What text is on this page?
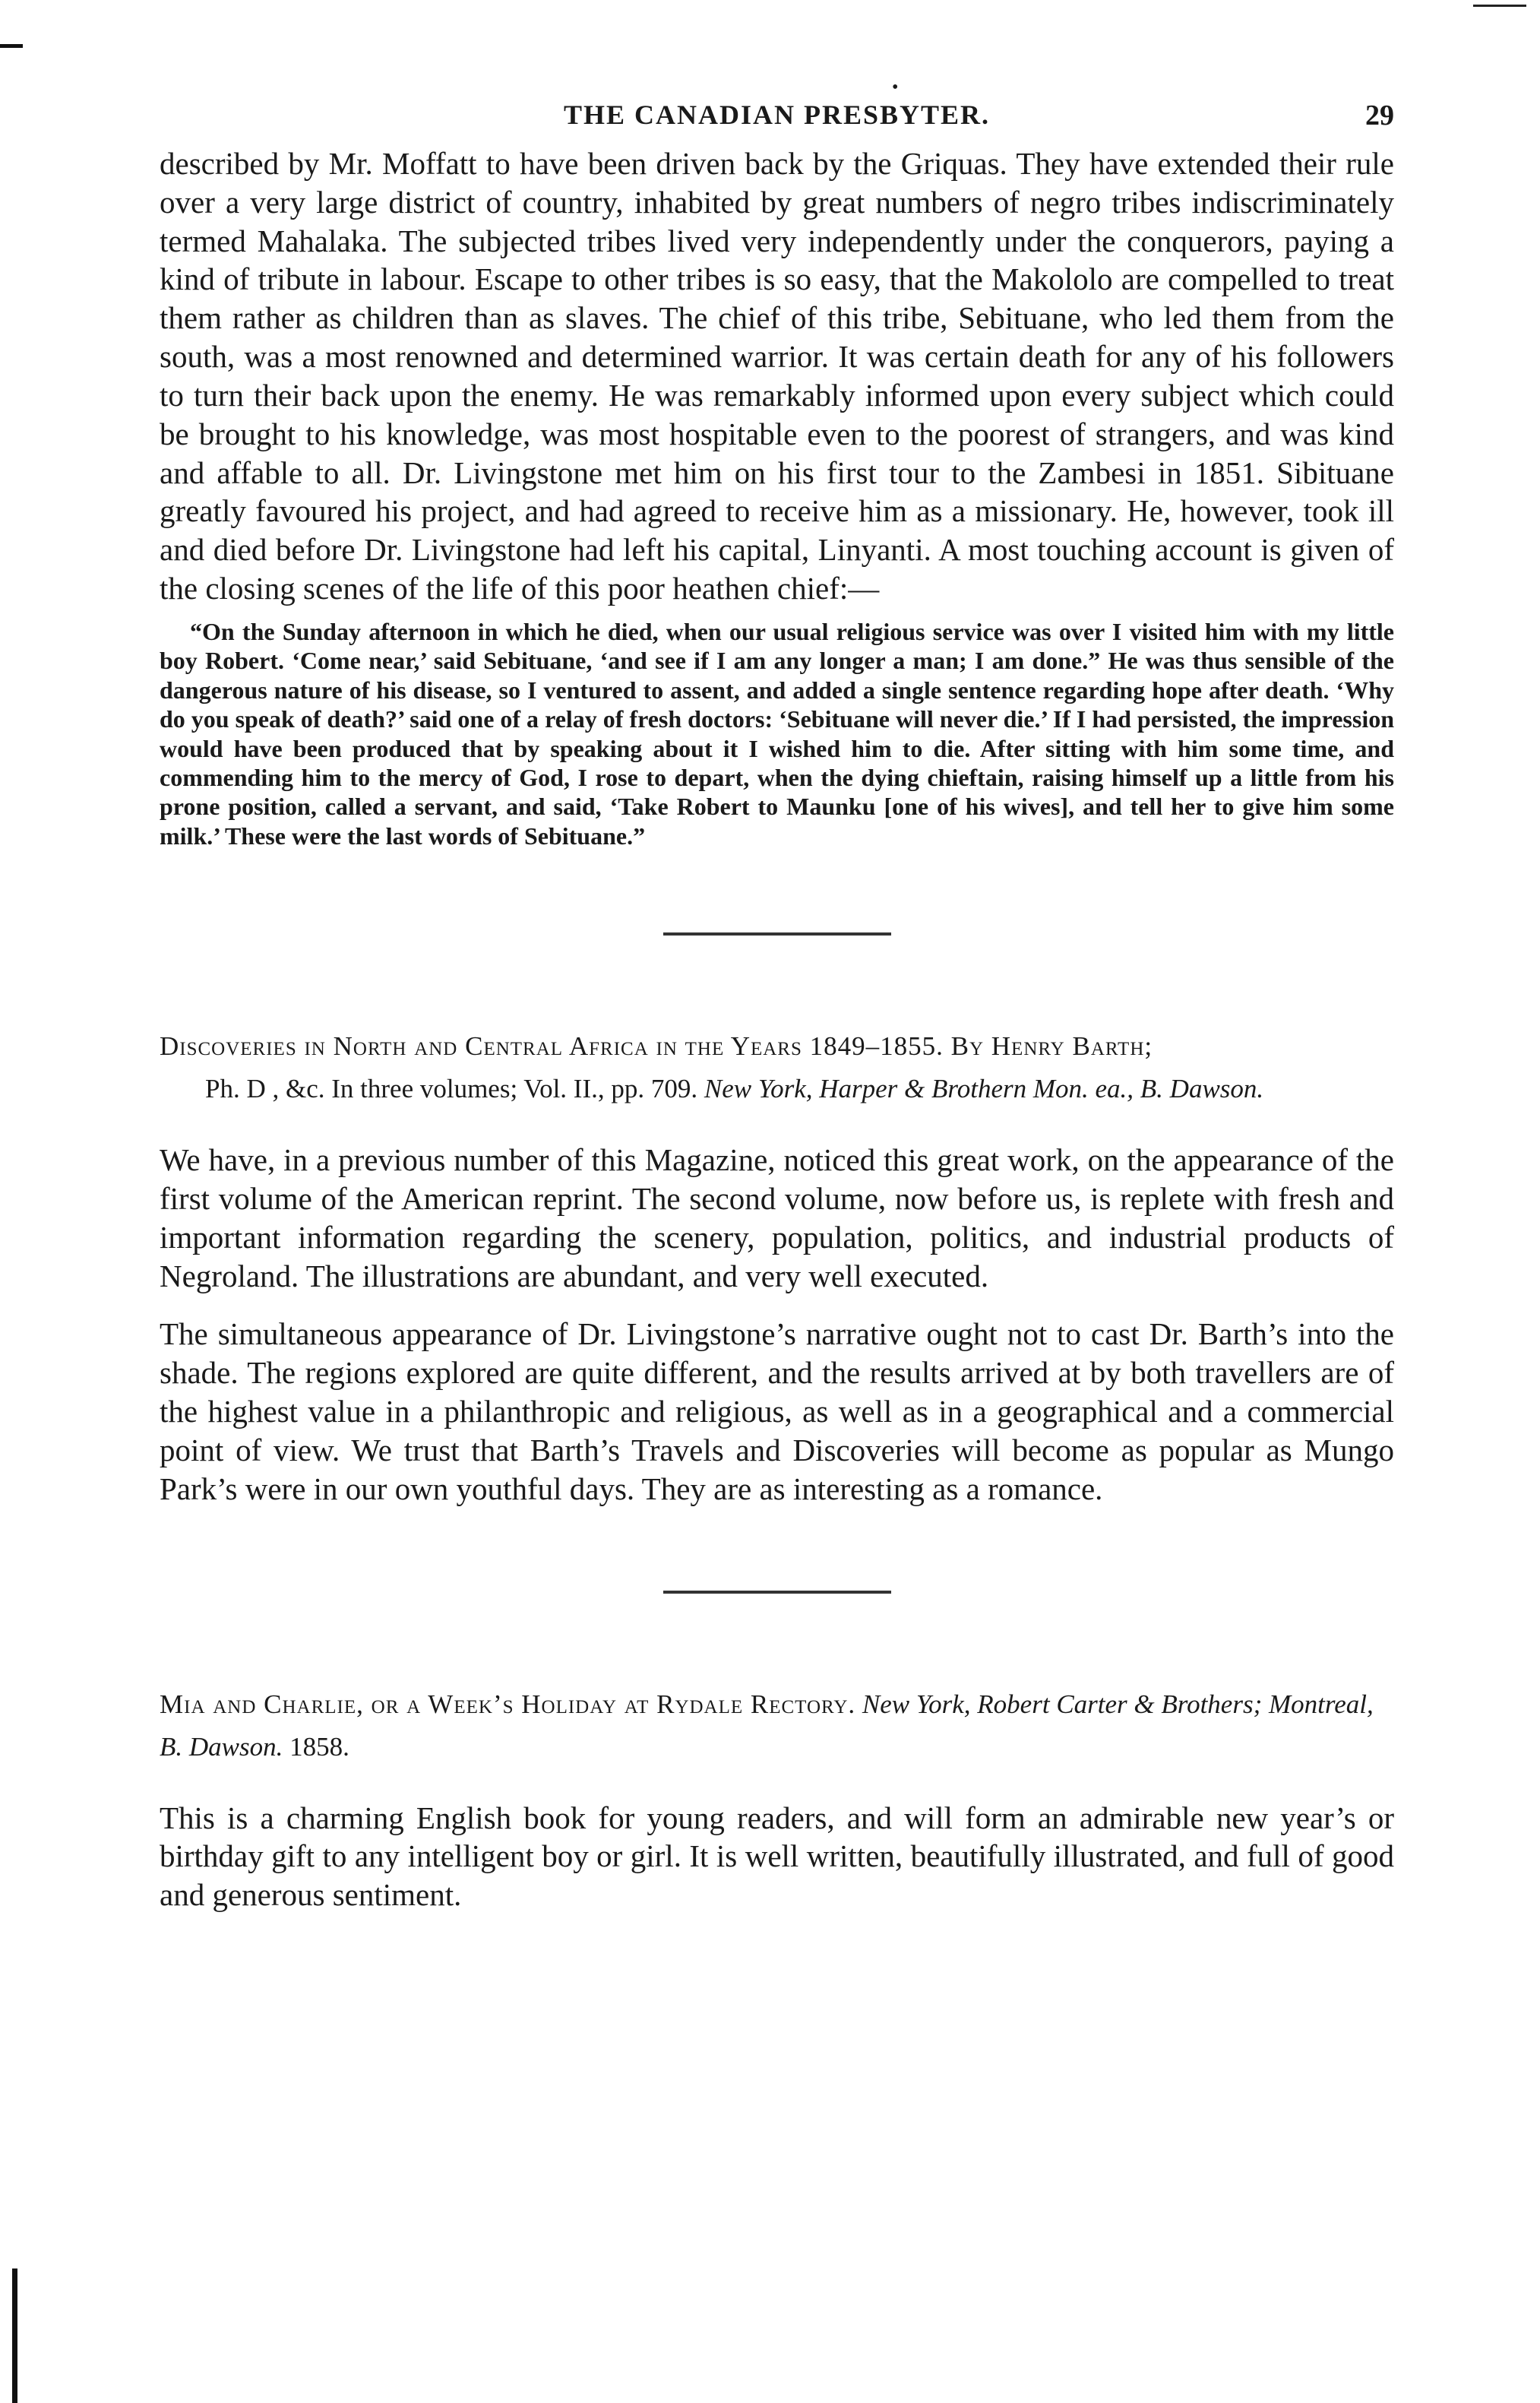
•
THE CANADIAN PRESBYTER.	29

described by Mr. Moffatt to have been driven back by the Griquas. They have extended their rule over a very large district of country, inhabited by great numbers of negro tribes indiscriminately termed Mahalaka. The subjected tribes lived very independently under the conquerors, paying a kind of tribute in labour. Escape to other tribes is so easy, that the Makololo are compelled to treat them rather as children than as slaves. The chief of this tribe, Sebituane, who led them from the south, was a most renowned and determined warrior. It was certain death for any of his followers to turn their back upon the enemy. He was remarkably informed upon every subject which could be brought to his knowledge, was most hospitable even to the poorest of strangers, and was kind and affable to all. Dr. Livingstone met him on his first tour to the Zambesi in 1851. Sibituane greatly favoured his project, and had agreed to receive him as a missionary. He, however, took ill and died before Dr. Livingstone had left his capital, Linyanti. A most touching account is given of the closing scenes of the life of this poor heathen chief:—

“On the Sunday afternoon in which he died, when our usual religious service was over I visited him with my little boy Robert. ‘Come near,’ said Sebituane, ‘and see if I am any longer a man; I am done.” He was thus sensible of the dangerous nature of his disease, so I ventured to assent, and added a single sentence regarding hope after death. ‘Why do you speak of death?’ said one of a relay of fresh doctors: ‘Sebituane will never die.’ If I had persisted, the impression would have been produced that by speaking about it I wished him to die. After sitting with him some time, and commending him to the mercy of God, I rose to depart, when the dying chieftain, raising himself up a little from his prone position, called a servant, and said, ‘Take Robert to Maunku [one of his wives], and tell her to give him some milk.’ These were the last words of Sebituane.”

Discoveries in North and Central Africa in the Years 1849–1855. By Henry Barth;
Ph. D , &c. In three volumes; Vol. II., pp. 709. New York, Harper & Brothern Mon. ea., B. Dawson.

We have, in a previous number of this Magazine, noticed this great work, on the appearance of the first volume of the American reprint. The second volume, now before us, is replete with fresh and important information regarding the scenery, population, politics, and industrial products of Negroland. The illustrations are abundant, and very well executed.

The simultaneous appearance of Dr. Livingstone’s narrative ought not to cast Dr. Barth’s into the shade. The regions explored are quite different, and the results arrived at by both travellers are of the highest value in a philanthropic and religious, as well as in a geographical and a commercial point of view. We trust that Barth’s Travels and Discoveries will become as popular as Mungo Park’s were in our own youthful days. They are as interesting as a romance.

Mia and Charlie, or a Week’s Holiday at Rydale Rectory. New York, Robert Carter & Brothers; Montreal, B. Dawson. 1858.

This is a charming English book for young readers, and will form an admirable new year’s or birthday gift to any intelligent boy or girl. It is well written, beautifully illustrated, and full of good and generous sentiment.
